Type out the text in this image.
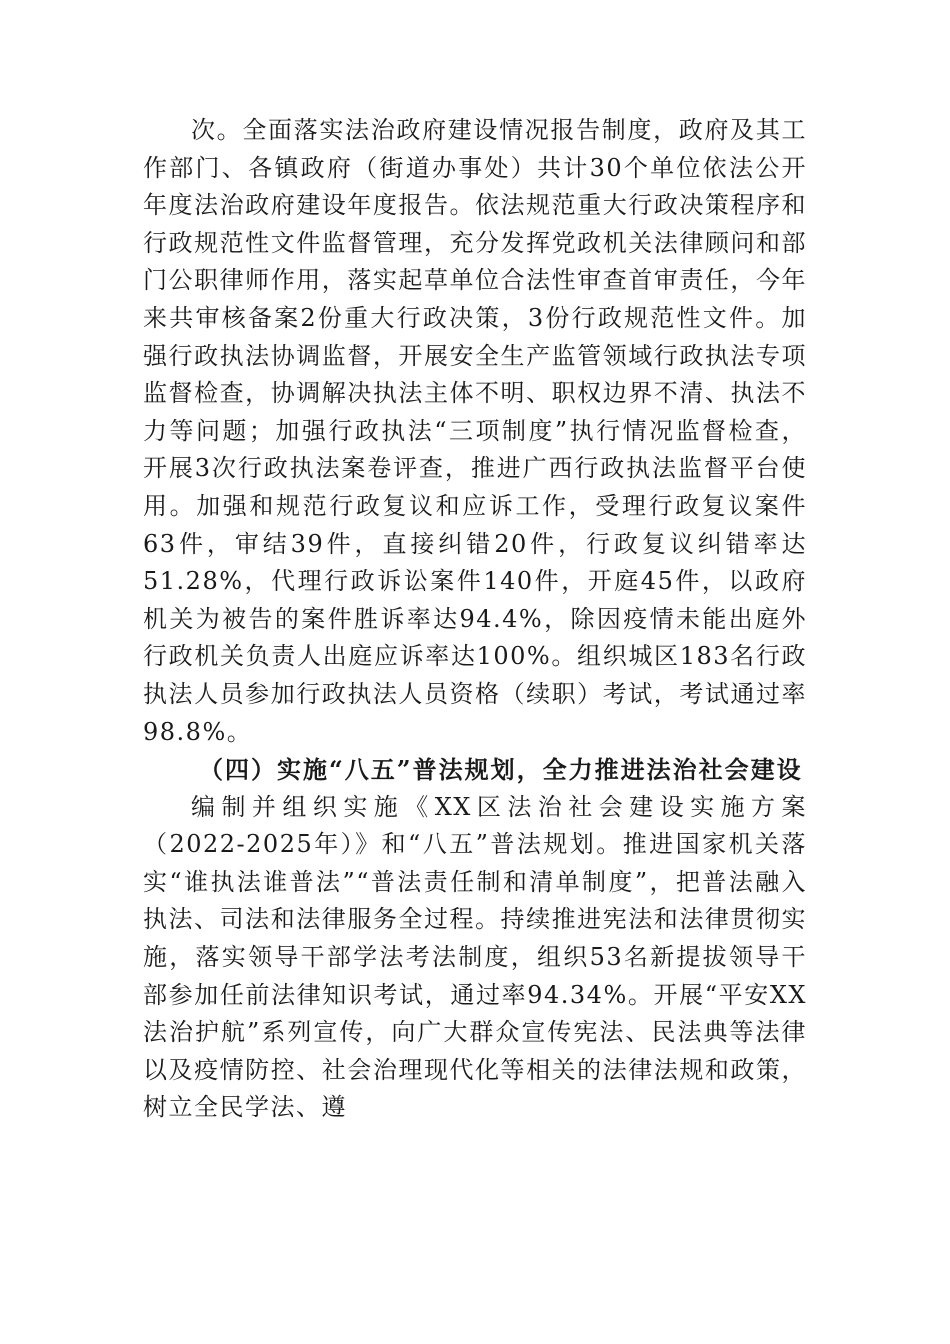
次。全面落实法治政府建设情况报告制度，政府及其工作部门、各镇政府（街道办事处）共计30个单位依法公开年度法治政府建设年度报告。依法规范重大行政决策程序和行政规范性文件监督管理，充分发挥党政机关法律顾问和部门公职律师作用，落实起草单位合法性审查首审责任，今年来共审核备案2份重大行政决策，3份行政规范性文件。加强行政执法协调监督，开展安全生产监管领域行政执法专项监督检查，协调解决执法主体不明、职权边界不清、执法不力等问题；加强行政执法“三项制度”执行情况监督检查，开展3次行政执法案卷评查，推进广西行政执法监督平台使用。加强和规范行政复议和应诉工作，受理行政复议案件63件，审结39件，直接纠错20件，行政复议纠错率达51.28%，代理行政诉讼案件140件，开庭45件，以政府机关为被告的案件胜诉率达94.4%，除因疫情未能出庭外行政机关负责人出庭应诉率达100%。组织城区183名行政执法人员参加行政执法人员资格（续职）考试，考试通过率98.8%。

（四）实施“八五”普法规划，全力推进法治社会建设

编制并组织实施《XX区法治社会建设实施方案（2022-2025年）》和“八五”普法规划。推进国家机关落实“谁执法谁普法”“普法责任制和清单制度”，把普法融入执法、司法和法律服务全过程。持续推进宪法和法律贯彻实施，落实领导干部学法考法制度，组织53名新提拔领导干部参加任前法律知识考试，通过率94.34%。开展“平安XX法治护航”系列宣传，向广大群众宣传宪法、民法典等法律以及疫情防控、社会治理现代化等相关的法律法规和政策，树立全民学法、遵
